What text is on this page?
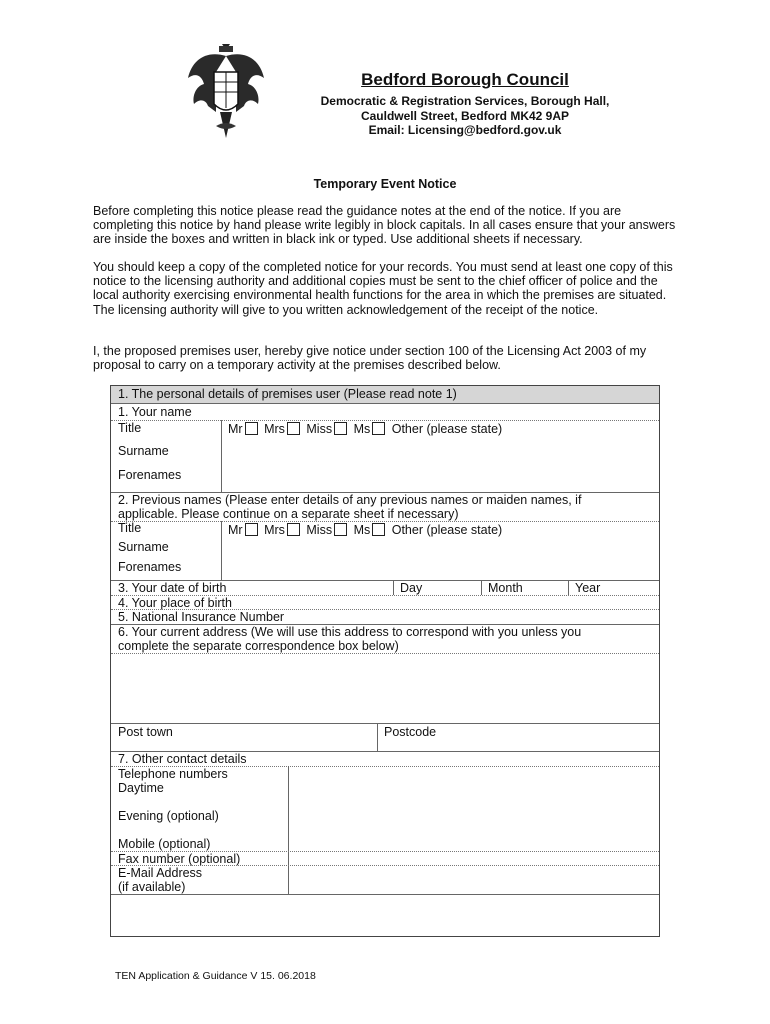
Bedford Borough Council
Democratic & Registration Services, Borough Hall,
Cauldwell Street, Bedford MK42 9AP
Email: Licensing@bedford.gov.uk
Temporary Event Notice
Before completing this notice please read the guidance notes at the end of the notice. If you are completing this notice by hand please write legibly in block capitals. In all cases ensure that your answers are inside the boxes and written in black ink or typed. Use additional sheets if necessary.
You should keep a copy of the completed notice for your records. You must send at least one copy of this notice to the licensing authority and additional copies must be sent to the chief officer of police and the local authority exercising environmental health functions for the area in which the premises are situated. The licensing authority will give to you written acknowledgement of the receipt of the notice.
I, the proposed premises user, hereby give notice under section 100 of the Licensing Act 2003 of my proposal to carry on a temporary activity at the premises described below.
1. The personal details of premises user (Please read note 1)
1. Your name
Title	Mr Mrs Miss Ms Other (please state)
Surname
Forenames
2. Previous names (Please enter details of any previous names or maiden names, if
applicable. Please continue on a separate sheet if necessary)
Title	Mr Mrs Miss Ms Other (please state)
Surname
Forenames
3. Your date of birth	Day	Month	Year
4. Your place of birth
5. National Insurance Number
6. Your current address (We will use this address to correspond with you unless you
complete the separate correspondence box below)
Post town	Postcode
7. Other contact details
Telephone numbers
Daytime
Evening (optional)
Mobile (optional)
Fax number (optional)
E-Mail Address
(if available)
TEN Application & Guidance V 15. 06.2018
